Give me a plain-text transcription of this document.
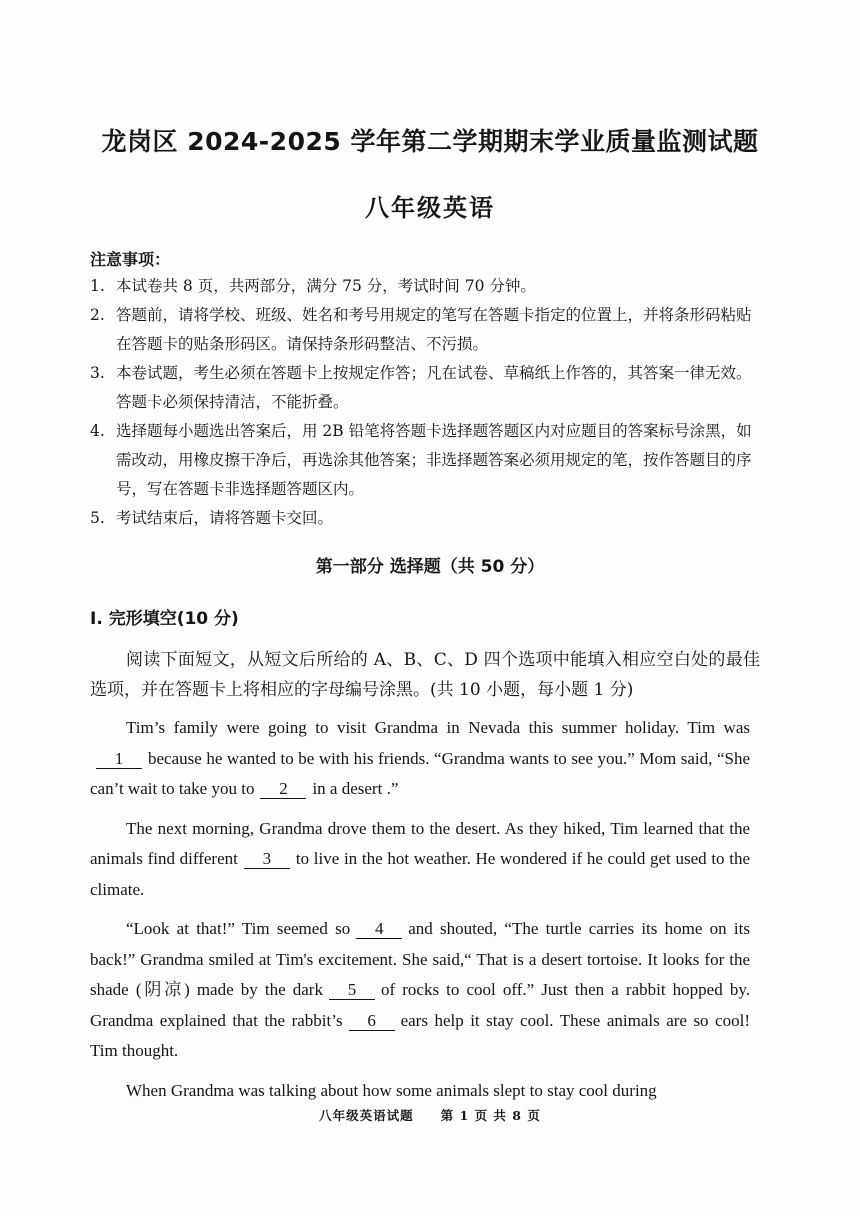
龙岗区 2024-2025 学年第二学期期末学业质量监测试题
八年级英语
注意事项：
1. 本试卷共 8 页，共两部分，满分 75 分，考试时间 70 分钟。
2. 答题前，请将学校、班级、姓名和考号用规定的笔写在答题卡指定的位置上，并将条形码粘贴在答题卡的贴条形码区。请保持条形码整洁、不污损。
3. 本卷试题，考生必须在答题卡上按规定作答；凡在试卷、草稿纸上作答的，其答案一律无效。答题卡必须保持清洁，不能折叠。
4. 选择题每小题选出答案后，用 2B 铅笔将答题卡选择题答题区内对应题目的答案标号涂黑，如需改动，用橡皮擦干净后，再选涂其他答案；非选择题答案必须用规定的笔，按作答题目的序号，写在答题卡非选择题答题区内。
5. 考试结束后，请将答题卡交回。
第一部分 选择题（共 50 分）
I. 完形填空(10 分)
阅读下面短文，从短文后所给的 A、B、C、D 四个选项中能填入相应空白处的最佳选项，并在答题卡上将相应的字母编号涂黑。(共 10 小题，每小题 1 分)

Tim’s family were going to visit Grandma in Nevada this summer holiday. Tim was1 because he wanted to be with his friends. “Grandma wants to see you.” Mom said, “She can’t wait to take you to 2 in a desert .”

The next morning, Grandma drove them to the desert. As they hiked, Tim learned that the animals find different 3 to live in the hot weather. He wondered if he could get used to the climate.

“Look at that!” Tim seemed so 4 and shouted, “The turtle carries its home on its back!” Grandma smiled at Tim's excitement. She said,“ That is a desert tortoise. It looks for the shade (阴凉) made by the dark 5 of rocks to cool off.” Just then a rabbit hopped by. Grandma explained that the rabbit’s 6 ears help it stay cool. These animals are so cool! Tim thought.

When Grandma was talking about how some animals slept to stay cool during

八年级英语试题　　第 1 页 共 8 页
